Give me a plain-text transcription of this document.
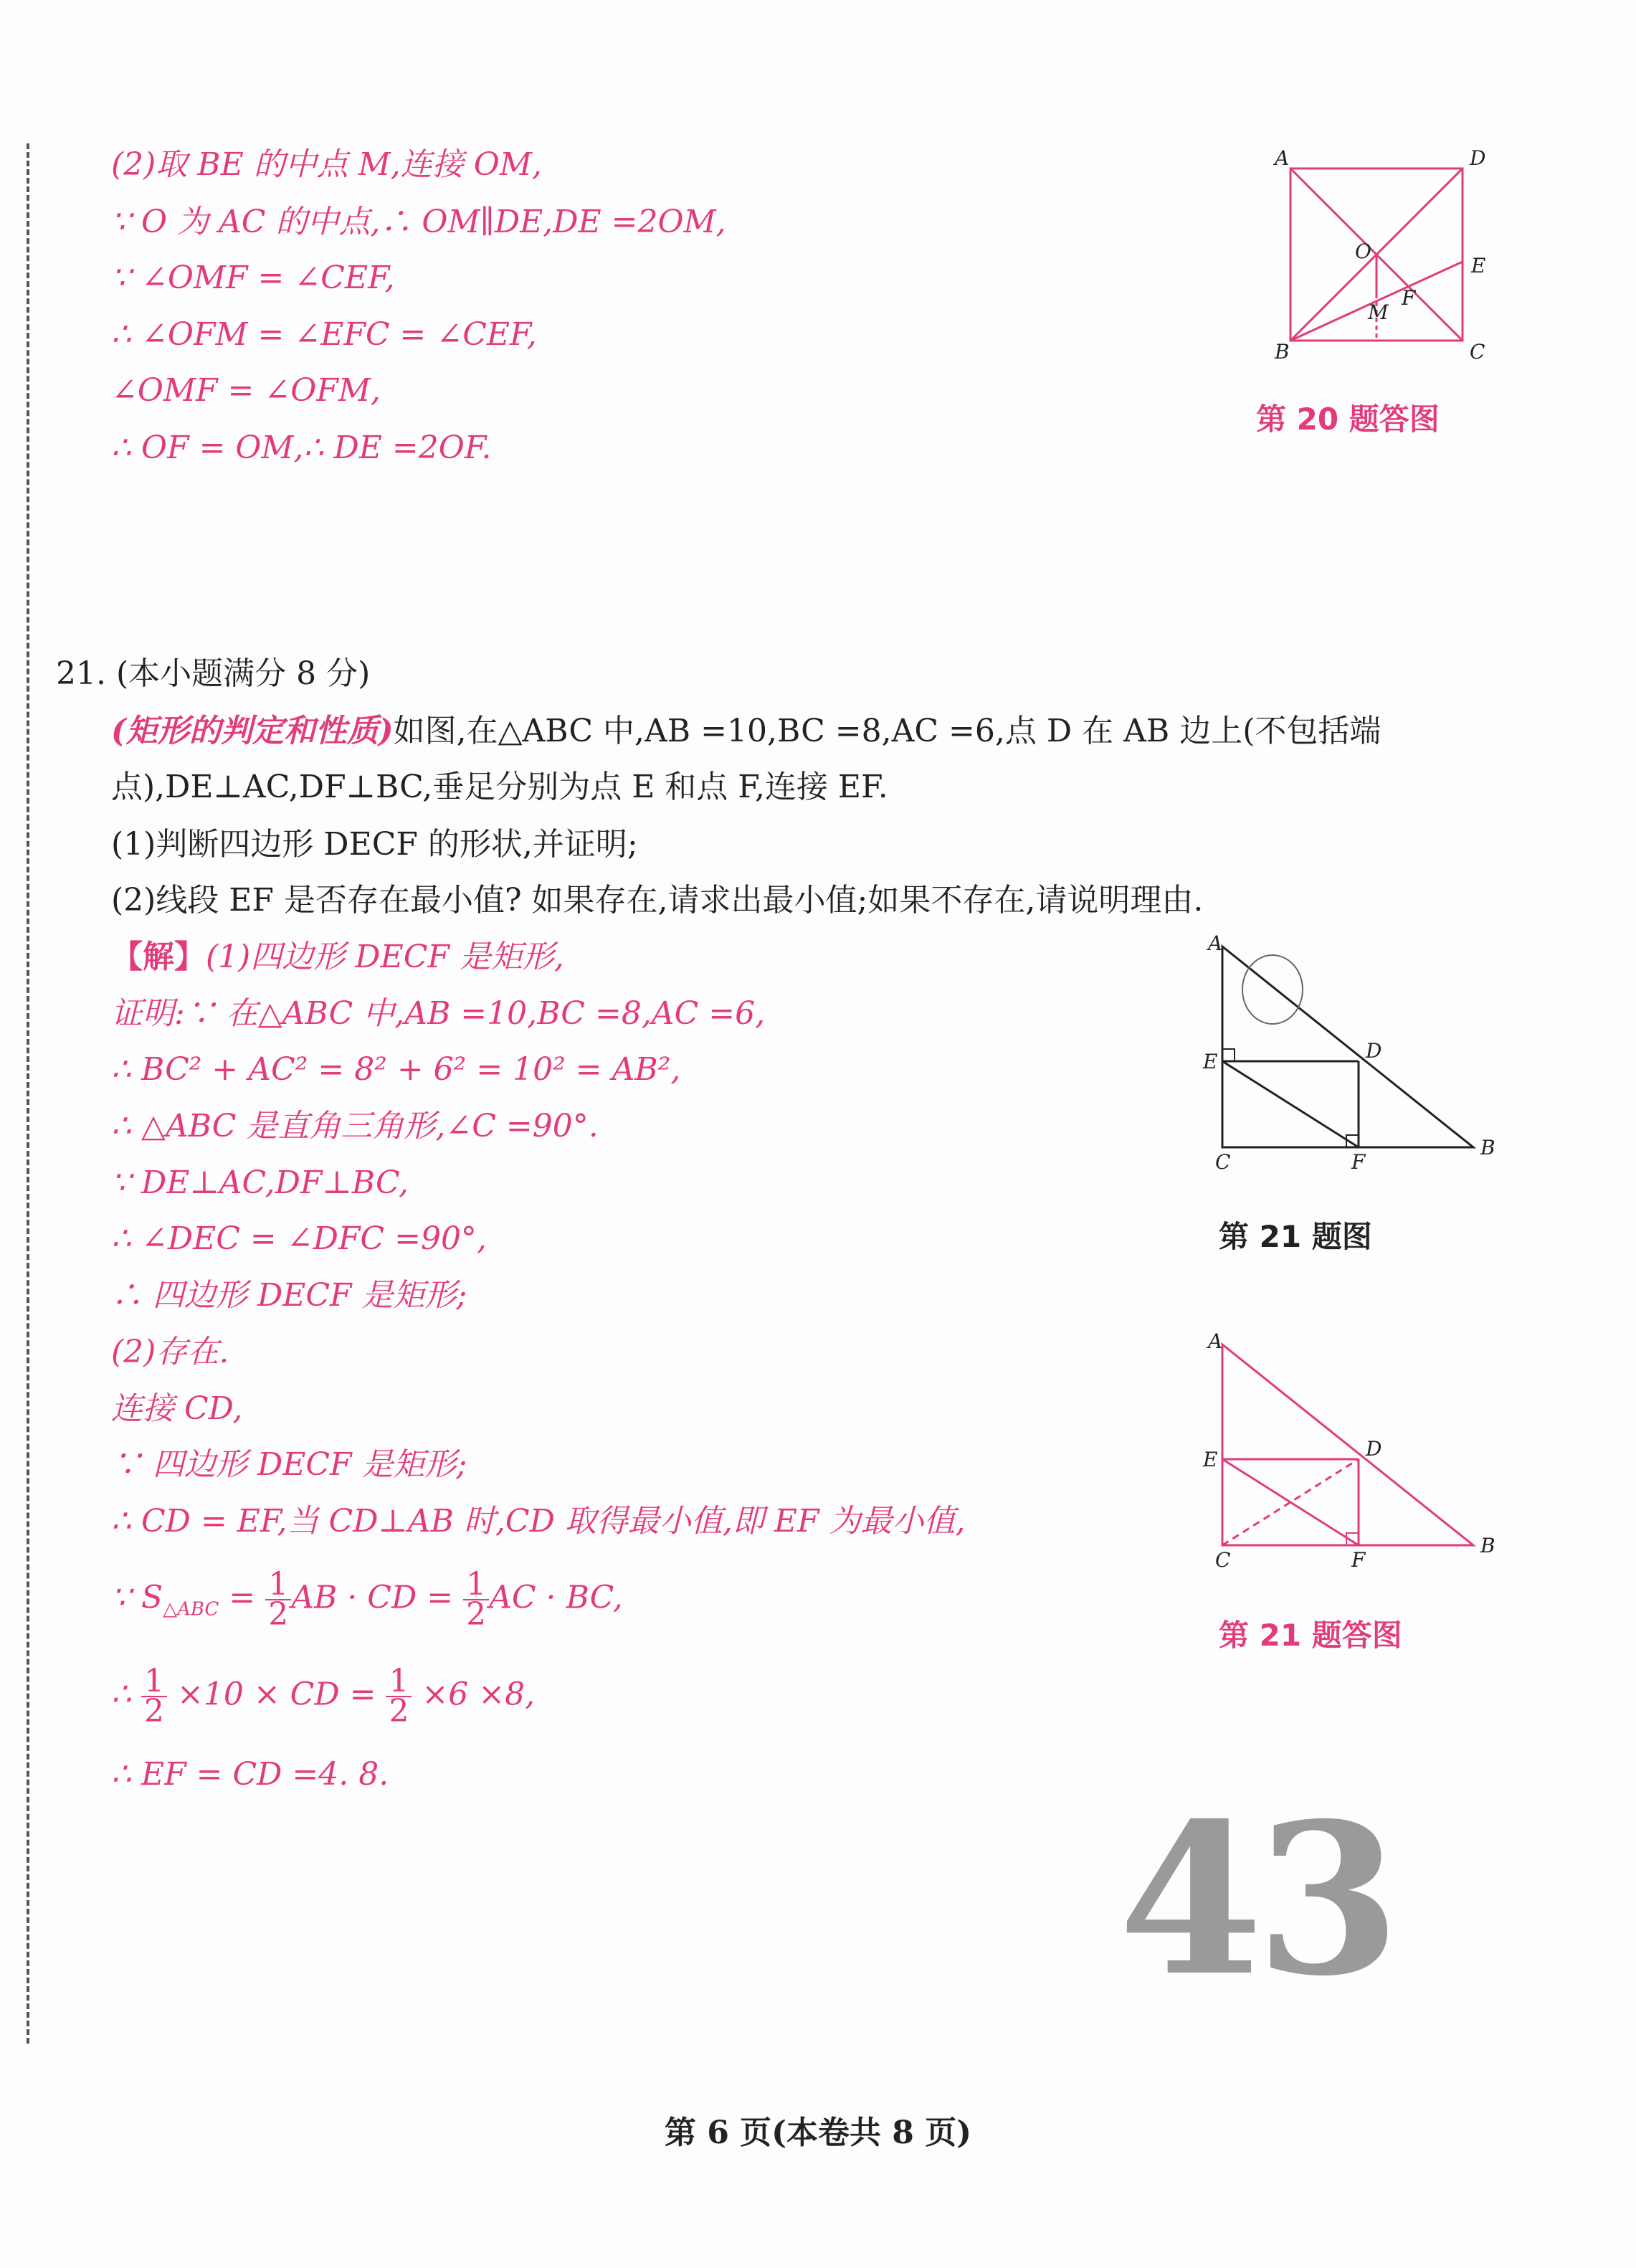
(2)取 BE 的中点 M,连接 OM,
∵ O 为 AC 的中点,∴ OM∥DE,DE =2OM,
∵ ∠OMF = ∠CEF,
∴ ∠OFM = ∠EFC = ∠CEF,
∠OMF = ∠OFM,
∴ OF = OM,∴ DE =2OF.
A	D
B	C
O
E
M
F
第 20 题答图
21. (本小题满分 8 分)
(矩形的判定和性质)如图,在△ABC 中,AB =10,BC =8,AC =6,点 D 在 AB 边上(不包括端
点),DE⊥AC,DF⊥BC,垂足分别为点 E 和点 F,连接 EF.
(1)判断四边形 DECF 的形状,并证明;
(2)线段 EF 是否存在最小值? 如果存在,请求出最小值;如果不存在,请说明理由.
【解】(1)四边形 DECF 是矩形,
证明:∵ 在△ABC 中,AB =10,BC =8,AC =6,
∴ BC² + AC² = 8² + 6² = 10² = AB²,
∴ △ABC 是直角三角形,∠C =90°.
∵ DE⊥AC,DF⊥BC,
∴ ∠DEC = ∠DFC =90°,
∴ 四边形 DECF 是矩形;
(2)存在.
连接 CD,
∵ 四边形 DECF 是矩形;
∴ CD = EF,当 CD⊥AB 时,CD 取得最小值,即 EF 为最小值,
∵ $S_{\triangle ABC} = \frac{1}{2}$ AB · CD = $\frac{1}{2}$ AC · BC,
∴ $\frac{1}{2} \times 10$ × CD = $\frac{1}{2} \times 6 \times 8$,
∴ EF = CD =4. 8.
A
D
E
C	F
B
第 21 题图
A
D
E
C	F
B
第 21 题答图
43
第 6 页(本卷共 8 页)
